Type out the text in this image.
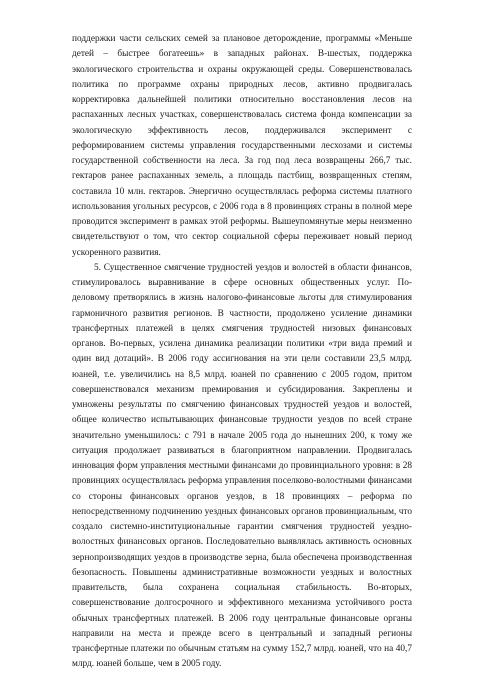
поддержки части сельских семей за плановое деторождение, программы «Меньше детей – быстрее богатеешь» в западных районах. В-шестых, поддержка экологического строительства и охраны окружающей среды. Совершенствовалась политика по программе охраны природных лесов, активно продвигалась корректировка дальнейшей политики относительно восстановления лесов на распаханных лесных участках, совершенствовалась система фонда компенсации за экологическую эффективность лесов, поддерживался эксперимент с реформированием системы управления государственными лесхозами и системы государственной собственности на леса. За год под леса возвращены 266,7 тыс. гектаров ранее распаханных земель, а площадь пастбищ, возвращенных степям, составила 10 млн. гектаров. Энергично осуществлялась реформа системы платного использования угольных ресурсов, с 2006 года в 8 провинциях страны в полной мере проводится эксперимент в рамках этой реформы. Вышеупомянутые меры неизменно свидетельствуют о том, что сектор социальной сферы переживает новый период ускоренного развития.

5. Существенное смягчение трудностей уездов и волостей в области финансов, стимулировалось выравнивание в сфере основных общественных услуг. По-деловому претворялись в жизнь налогово-финансовые льготы для стимулирования гармоничного развития регионов. В частности, продолжено усиление динамики трансфертных платежей в целях смягчения трудностей низовых финансовых органов. Во-первых, усилена динамика реализации политики «три вида премий и один вид дотаций». В 2006 году ассигнования на эти цели составили 23,5 млрд. юаней, т.е. увеличились на 8,5 млрд. юаней по сравнению с 2005 годом, притом совершенствовался механизм премирования и субсидирования. Закреплены и умножены результаты по смягчению финансовых трудностей уездов и волостей, общее количество испытывающих финансовые трудности уездов по всей стране значительно уменьшилось: с 791 в начале 2005 года до нынешних 200, к тому же ситуация продолжает развиваться в благоприятном направлении. Продвигалась инновация форм управления местными финансами до провинциального уровня: в 28 провинциях осуществлялась реформа управления поселково-волостными финансами со стороны финансовых органов уездов, в 18 провинциях – реформа по непосредственному подчинению уездных финансовых органов провинциальным, что создало системно-институциональные гарантии смягчения трудностей уездно-волостных финансовых органов. Последовательно выявлялась активность основных зернопроизводящих уездов в производстве зерна, была обеспечена производственная безопасность. Повышены административные возможности уездных и волостных правительств, была сохранена социальная стабильность. Во-вторых, совершенствование долгосрочного и эффективного механизма устойчивого роста обычных трансфертных платежей. В 2006 году центральные финансовые органы направили на места и прежде всего в центральный и западный регионы трансфертные платежи по обычным статьям на сумму 152,7 млрд. юаней, что на 40,7 млрд. юаней больше, чем в 2005 году.
